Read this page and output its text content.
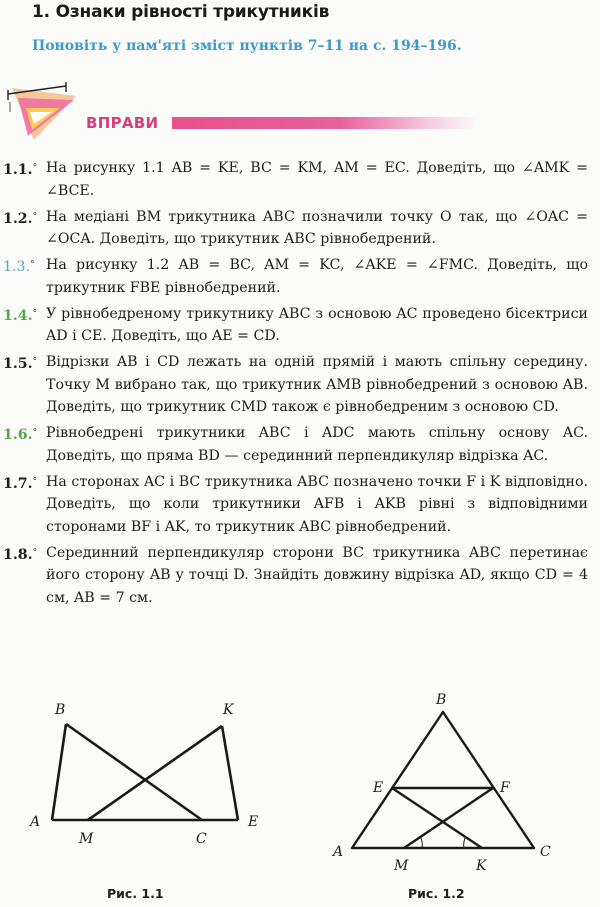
1. Ознаки рівності трикутників
Поновіть у пам'яті зміст пунктів 7–11 на с. 194–196.
ВПРАВИ
1.1.° На рисунку 1.1 AB = KE, BC = KM, AM = EC. Доведіть, що ∠AMK = ∠BCE.
1.2.° На медіані BM трикутника ABC позначили точку O так, що ∠OAC = ∠OCA. Доведіть, що трикутник ABC рівнобедрений.
1.3.° На рисунку 1.2 AB = BC, AM = KC, ∠AKE = ∠FMC. Доведіть, що трикутник FBE рівнобедрений.
1.4.° У рівнобедреному трикутнику ABC з основою AC проведено бісектриси AD і CE. Доведіть, що AE = CD.
1.5.° Відрізки AB і CD лежать на одній прямій і мають спільну середину. Точку M вибрано так, що трикутник AMB рівнобедрений з основою AB. Доведіть, що трикутник CMD також є рівнобедреним з основою CD.
1.6.° Рівнобедрені трикутники ABC і ADC мають спільну основу AC. Доведіть, що пряма BD — серединний перпендикуляр відрізка AC.
1.7.° На сторонах AC і BC трикутника ABC позначено точки F і K відповідно. Доведіть, що коли трикутники AFB і AKB рівні з відповідними сторонами BF і AK, то трикутник ABC рівнобедрений.
1.8.° Серединний перпендикуляр сторони BC трикутника ABC перетинає його сторону AB у точці D. Знайдіть довжину відрізка AD, якщо CD = 4 см, AB = 7 см.
B	K
A
M	C
E
Рис. 1.1
B
E	F
A
M	K
C
Рис. 1.2
